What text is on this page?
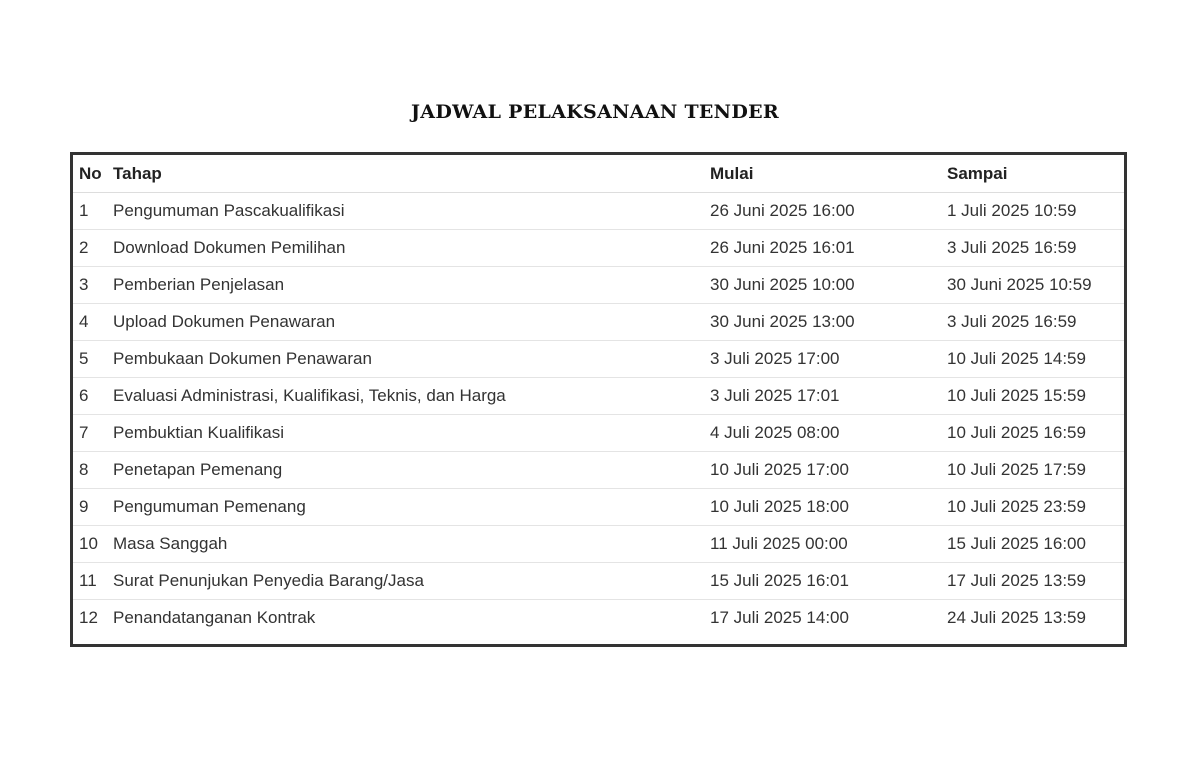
JADWAL PELAKSANAAN TENDER
No	Tahap	Mulai	Sampai
1	Pengumuman Pascakualifikasi	26 Juni 2025 16:00	1 Juli 2025 10:59
2	Download Dokumen Pemilihan	26 Juni 2025 16:01	3 Juli 2025 16:59
3	Pemberian Penjelasan	30 Juni 2025 10:00	30 Juni 2025 10:59
4	Upload Dokumen Penawaran	30 Juni 2025 13:00	3 Juli 2025 16:59
5	Pembukaan Dokumen Penawaran	3 Juli 2025 17:00	10 Juli 2025 14:59
6	Evaluasi Administrasi, Kualifikasi, Teknis, dan Harga	3 Juli 2025 17:01	10 Juli 2025 15:59
7	Pembuktian Kualifikasi	4 Juli 2025 08:00	10 Juli 2025 16:59
8	Penetapan Pemenang	10 Juli 2025 17:00	10 Juli 2025 17:59
9	Pengumuman Pemenang	10 Juli 2025 18:00	10 Juli 2025 23:59
10	Masa Sanggah	11 Juli 2025 00:00	15 Juli 2025 16:00
11	Surat Penunjukan Penyedia Barang/Jasa	15 Juli 2025 16:01	17 Juli 2025 13:59
12	Penandatanganan Kontrak	17 Juli 2025 14:00	24 Juli 2025 13:59
